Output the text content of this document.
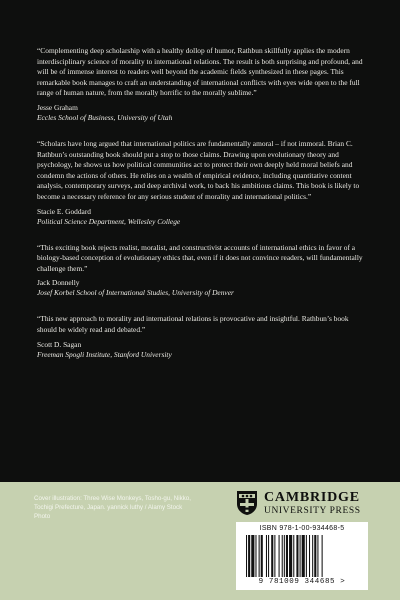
“Complementing deep scholarship with a healthy dollop of humor, Rathbun skillfully applies the modern interdisciplinary science of morality to international relations. The result is both surprising and profound, and will be of immense interest to readers well beyond the academic fields synthesized in these pages. This remarkable book manages to craft an understanding of international conflicts with eyes wide open to the full range of human nature, from the morally horrific to the morally sublime.”

Jesse Graham

Eccles School of Business, University of Utah

“Scholars have long argued that international politics are fundamentally amoral – if not immoral. Brian C. Rathbun’s outstanding book should put a stop to those claims. Drawing upon evolutionary theory and psychology, he shows us how political communities act to protect their own deeply held moral beliefs and condemn the actions of others. He relies on a wealth of empirical evidence, including quantitative content analysis, contemporary surveys, and deep archival work, to back his ambitious claims. This book is likely to become a necessary reference for any serious student of morality and international politics.”

Stacie E. Goddard

Political Science Department, Wellesley College

“This exciting book rejects realist, moralist, and constructivist accounts of international ethics in favor of a biology-based conception of evolutionary ethics that, even if it does not convince readers, will fundamentally challenge them.”

Jack Donnelly

Josef Korbel School of International Studies, University of Denver

“This new approach to morality and international relations is provocative and insightful. Rathbun’s book should be widely read and debated.”

Scott D. Sagan

Freeman Spogli Institute, Stanford University

Cover illustration: Three Wise Monkeys, Tosho-gu, Nikko, Tochigi Prefecture, Japan. yannick luthy / Alamy Stock Photo
CAMBRIDGE
UNIVERSITY PRESS
ISBN 978-1-00-934468-5
9 781009 344685 >
